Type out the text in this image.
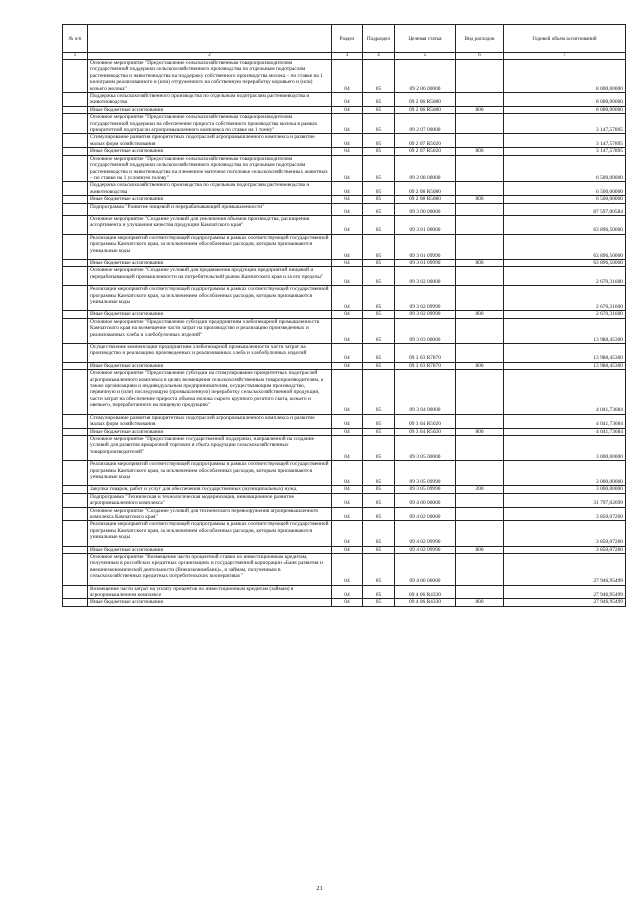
№ п/п		Раздел	Подраздел	Целевая статья	Вид расходов	Годовой объем ассигнований
1	2	3	4	5	6	7
	Основное мероприятие "Предоставление сельскохозяйственным товаропроизводителям государственной поддержки сельскохозяйственного производства по отдельным подотраслям растениеводства и животноводства на поддержку собственного производства молока – по ставке на 1 килограмм реализованного и (или) отгруженного на собственную переработку коровьего и (или) козьего молока"	04	05	09 2 06 00000		8 000,00000
	Поддержка сельскохозяйственного производства по отдельным подотраслям растениеводства и животноводства	04	05	09 2 06 R5080		8 000,00000
	Иные бюджетные ассигнования	04	05	09 2 06 R5080	800	8 000,00000
	Основное мероприятие "Предоставление сельскохозяйственным товаропроизводителям государственной поддержки на обеспечение прироста собственного производства молока в рамках приоритетной подотрасли агропромышленного комплекса по ставке на 1 тонну"	04	05	09 2 07 00000		3 147,57895
	Стимулирование развития приоритетных подотраслей агропромышленного комплекса и развитие малых форм хозяйствования	04	05	09 2 07 R5020		3 147,57895
	Иные бюджетные ассигнования	04	05	09 2 07 R5020	800	3 147,57895
	Основное мероприятие "Предоставление сельскохозяйственным товаропроизводителям государственной поддержки сельскохозяйственного производства по отдельным подотраслям растениеводства и животноводства на племенное маточное поголовье сельскохозяйственных животных – по ставке на 1 условную голову"	04	05	09 2 08 00000		6 500,00000
	Поддержка сельскохозяйственного производства по отдельным подотраслям растениеводства и животноводства	04	05	09 2 08 R5080		6 500,00000
	Иные бюджетные ассигнования	04	05	09 2 08 R5080	800	6 500,00000
	Подпрограмма "Развитие пищевой и перерабатывающей промышленности"	04	05	09 3 00 00000		87 597,00584
	Основное мероприятие "Создание условий для увеличения объемов производства, расширения ассортимента и улучшения качества продукции Камчатского края"	04	05	09 3 01 00000		63 896,50000
	Реализация мероприятий соответствующей подпрограммы в рамках соответствующей государственной программы Камчатского края, за исключением обособленных расходов, которым присваиваются уникальные коды	04	05	09 3 01 09990		63 896,50000
	Иные бюджетные ассигнования	04	05	09 3 01 09990	800	63 896,50000
	Основное мероприятие "Создание условий для продвижения продукции предприятий пищевой и перерабатывающей промышленности на потребительский рынок Камчатского края и за его пределы"	04	05	09 3 02 00000		2 670,31600
	Реализация мероприятий соответствующей подпрограммы в рамках соответствующей государственной программы Камчатского края, за исключением обособленных расходов, которым присваиваются уникальные коды	04	05	09 3 02 09990		2 670,31600
	Иные бюджетные ассигнования	04	05	09 3 02 09990	800	2 670,31600
	Основное мероприятие "Предоставление субсидии предприятиям хлебопекарной промышленности Камчатского края на возмещение части затрат на производство и реализацию произведенных и реализованных хлеба и хлебобулочных изделий"	04	05	09 3 03 00000		13 988,45300
	Осуществление компенсации предприятиям хлебопекарной промышленности части затрат на производство и реализацию произведенных и реализованных хлеба и хлебобулочных изделий	04	05	09 3 03 R7870		13 988,45300
	Иные бюджетные ассигнования	04	05	09 3 03 R7870	800	13 988,45300
	Основное мероприятие "Предоставление субсидии на стимулирование приоритетных подотраслей агропромышленного комплекса в целях возмещения сельскохозяйственным товаропроизводителям, а также организациям и индивидуальным предпринимателям, осуществляющим производство, первичную и (или) последующую (промышленную) переработку сельскохозяйственной продукции, части затрат на обеспечение прироста объема молока сырого крупного рогатого скота, козьего и овечьего, переработанного на пищевую продукцию"	04	05	09 3 04 00000		4 041,73684
	Стимулирование развития приоритетных подотраслей агропромышленного комплекса и развитие малых форм хозяйствования	04	05	09 3 04 R5020		4 041,73684
	Иные бюджетные ассигнования	04	05	09 3 04 R5020	800	4 041,73684
	Основное мероприятие "Предоставление государственной поддержки, направленной на создание условий для развития ярмарочной торговли и сбыта продукции сельскохозяйственных товаропроизводителей"	04	05	09 3 05 00000		3 000,00000
	Реализация мероприятий соответствующей подпрограммы в рамках соответствующей государственной программы Камчатского края, за исключением обособленных расходов, которым присваиваются уникальные коды	04	05	09 3 05 09990		3 000,00000
	Закупка товаров, работ и услуг для обеспечения государственных (муниципальных) нужд	04	05	09 3 05 09990	200	3 000,00000
	Подпрограмма "Техническая и технологическая модернизация, инновационное развитие агропромышленного комплекса"	04	05	09 4 00 00000		31 797,02699
	Основное мероприятие "Создание условий для технического перевооружения агропромышленного комплекса Камчатского края"	04	05	09 4 02 00000		3 850,07200
	Реализация мероприятий соответствующей подпрограммы в рамках соответствующей государственной программы Камчатского края, за исключением обособленных расходов, которым присваиваются уникальные коды	04	05	09 4 02 09990		3 850,07200
	Иные бюджетные ассигнования	04	05	09 4 02 09990	800	3 850,07200
	Основное мероприятие "Возмещение части процентной ставки по инвестиционным кредитам, полученным в российских кредитных организациях и государственной корпорации «Банк развития и внешнеэкономической деятельности (Внешэкономбанк)», и займам, полученным в сельскохозяйственных кредитных потребительских кооперативах"	04	05	09 4 06 00000		27 946,95499
	Возмещение части затрат на уплату процентов по инвестиционным кредитам (займам) в агропромышленном комплексе	04	05	09 4 06 R4330		27 946,95499
	Иные бюджетные ассигнования	04	05	09 4 06 R4330	800	27 946,95499
21
